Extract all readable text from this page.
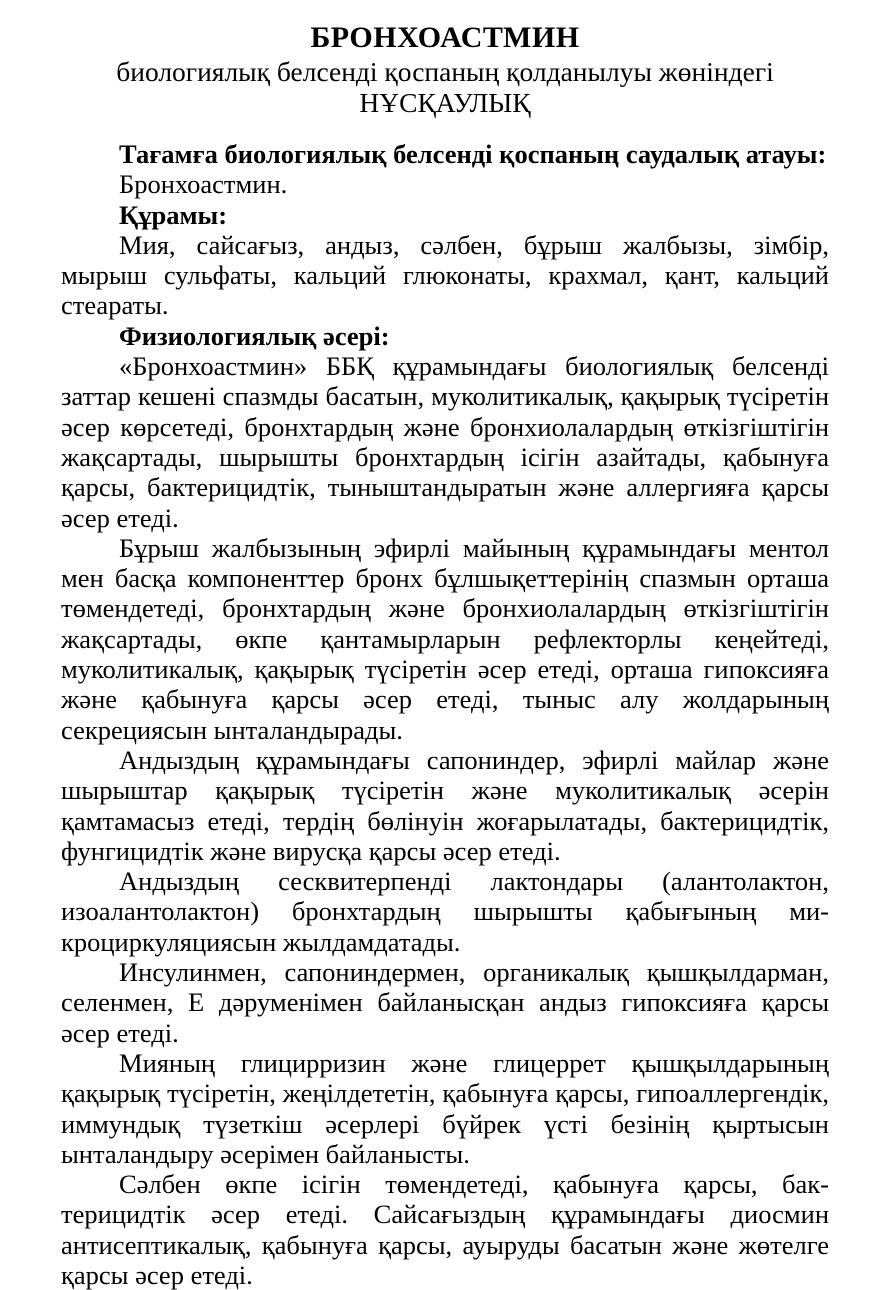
БРОНХОАСТМИН
биологиялық белсенді қоспаның қолданылуы жөніндегі
НҰСҚАУЛЫҚ

Тағамға биологиялық белсенді қоспаның саудалық атауы:

Бронхоастмин.

Құрамы:

Мия, сайсағыз, андыз, сәлбен, бұрыш жалбызы, зімбір, мырыш сульфаты, кальций глюконаты, крахмал, қант, кальций стеараты.

Физиологиялық әсері:

«Бронхоастмин» ББҚ құрамындағы биологиялық белсенді заттар кешені спазмды басатын, муколитикалық, қақырық түсіретін әсер көрсетеді, бронхтардың және бронхиолалардың өткізгіштігін жақсартады, шырышты бронхтардың ісігін азайтады, қабынуға қарсы, бактерицидтік, тыныштандыратын және аллергияға қарсы әсер етеді.

Бұрыш жалбызының эфирлі майының құрамындағы ментол мен басқа компоненттер бронх бұлшықеттерінің спазмын орташа төмендетеді, бронхтардың және бронхиолалардың өткізгіштігін жақсартады, өкпе қантамырларын рефлекторлы кеңейтеді, муколитикалық, қақырық түсіретін әсер етеді, орташа гипоксияға және қабынуға қарсы әсер етеді, тыныс алу жолдарының секрециясын ынталандырады.

Андыздың құрамындағы сапониндер, эфирлі майлар және шырыштар қақырық түсіретін және муколитикалық әсерін қамтамасыз етеді, тердің бөлінуін жоғарылатады, бактерицидтік, фунгицидтік және вирусқа қарсы әсер етеді.

Андыздың сесквитерпенді лактондары (алантолактон, изоалантолактон) бронхтардың шырышты қабығының микроциркуляциясын жылдамдатады.

Инсулинмен, сапониндермен, органикалық қышқылдарман, селенмен, Е дәруменімен байланысқан андыз гипоксияға қарсы әсер етеді.

Мияның глицирризин және глицеррет қышқылдарының қақырық түсіретін, жеңілдететін, қабынуға қарсы, гипоаллергендік, иммундық түзеткіш әсерлері бүйрек үсті безінің қыртысын ынталандыру әсерімен байланысты.

Сәлбен өкпе ісігін төмендетеді, қабынуға қарсы, бактерицидтік әсер етеді. Сайсағыздың құрамындағы диосмин антисептикалық, қабынуға қарсы, ауыруды басатын және жөтелге қарсы әсер етеді.
